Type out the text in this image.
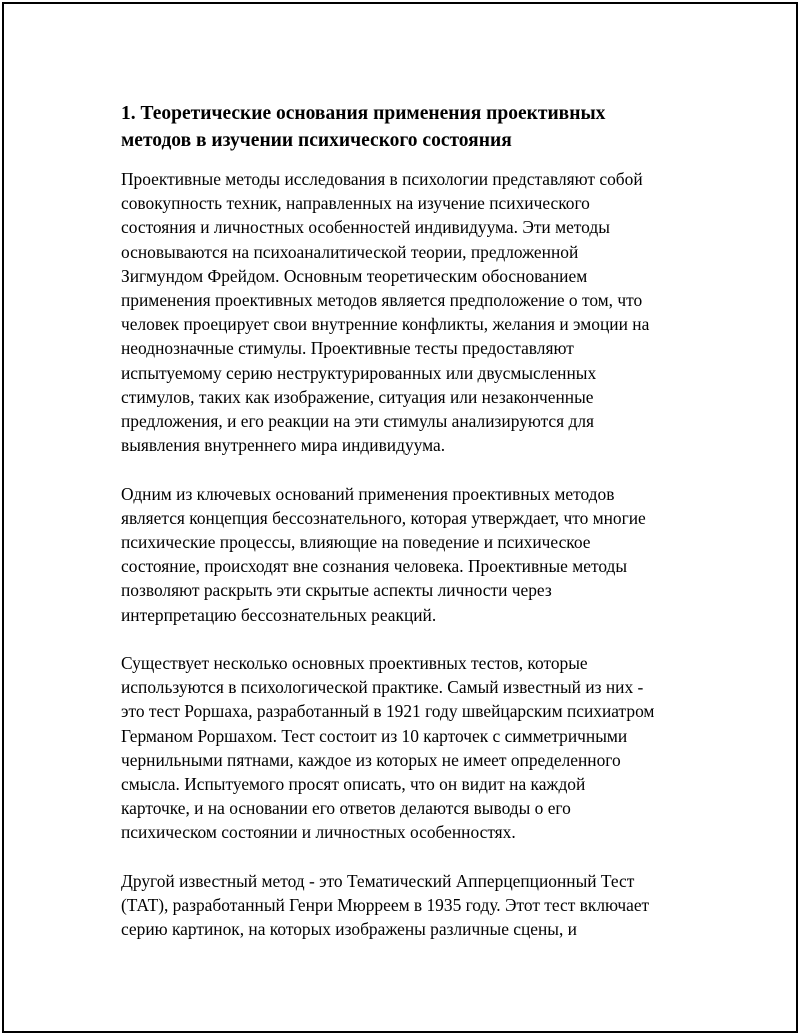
1. Теоретические основания применения проективных
методов в изучении психического состояния

Проективные методы исследования в психологии представляют собой
совокупность техник, направленных на изучение психического
состояния и личностных особенностей индивидуума. Эти методы
основываются на психоаналитической теории, предложенной
Зигмундом Фрейдом. Основным теоретическим обоснованием
применения проективных методов является предположение о том, что
человек проецирует свои внутренние конфликты, желания и эмоции на
неоднозначные стимулы. Проективные тесты предоставляют
испытуемому серию неструктурированных или двусмысленных
стимулов, таких как изображение, ситуация или незаконченные
предложения, и его реакции на эти стимулы анализируются для
выявления внутреннего мира индивидуума.

Одним из ключевых оснований применения проективных методов
является концепция бессознательного, которая утверждает, что многие
психические процессы, влияющие на поведение и психическое
состояние, происходят вне сознания человека. Проективные методы
позволяют раскрыть эти скрытые аспекты личности через
интерпретацию бессознательных реакций.

Существует несколько основных проективных тестов, которые
используются в психологической практике. Самый известный из них -
это тест Роршаха, разработанный в 1921 году швейцарским психиатром
Германом Роршахом. Тест состоит из 10 карточек с симметричными
чернильными пятнами, каждое из которых не имеет определенного
смысла. Испытуемого просят описать, что он видит на каждой
карточке, и на основании его ответов делаются выводы о его
психическом состоянии и личностных особенностях.

Другой известный метод - это Тематический Апперцепционный Тест
(ТАТ), разработанный Генри Мюрреем в 1935 году. Этот тест включает
серию картинок, на которых изображены различные сцены, и
